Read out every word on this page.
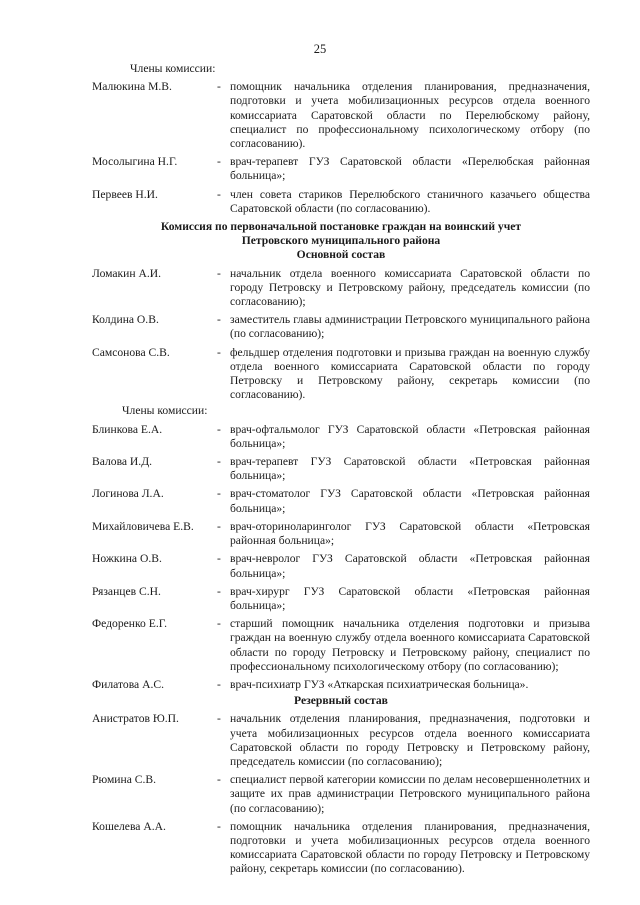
25
Члены комиссии:
Малюкина М.В.	- помощник начальника отделения планирования, предназначения, подготовки и учета мобилизационных ресурсов отдела военного комиссариата Саратовской области по Перелюбскому району, специалист по профессиональному психологическому отбору (по согласованию).
Мосолыгина Н.Г.	- врач-терапевт ГУЗ Саратовской области «Перелюбская районная больница»;
Первеев Н.И.	- член совета стариков Перелюбского станичного казачьего общества Саратовской области (по согласованию).
Комиссия по первоначальной постановке граждан на воинский учет
Петровского муниципального района
Основной состав
Ломакин А.И.	- начальник отдела военного комиссариата Саратовской области по городу Петровску и Петровскому району, председатель комиссии (по согласованию);
Колдина О.В.	- заместитель главы администрации Петровского муниципального района (по согласованию);
Самсонова С.В.	- фельдшер отделения подготовки и призыва граждан на военную службу отдела военного комиссариата Саратовской области по городу Петровску и Петровскому району, секретарь комиссии (по согласованию).
Члены комиссии:
Блинкова Е.А.	- врач-офтальмолог ГУЗ Саратовской области «Петровская районная больница»;
Валова И.Д.	- врач-терапевт ГУЗ Саратовской области «Петровская районная больница»;
Логинова Л.А.	- врач-стоматолог ГУЗ Саратовской области «Петровская районная больница»;
Михайловичева Е.В.	- врач-оториноларинголог ГУЗ Саратовской области «Петровская районная больница»;
Ножкина О.В.	- врач-невролог ГУЗ Саратовской области «Петровская районная больница»;
Рязанцев С.Н.	- врач-хирург ГУЗ Саратовской области «Петровская районная больница»;
Федоренко Е.Г.	- старший помощник начальника отделения подготовки и призыва граждан на военную службу отдела военного комиссариата Саратовской области по городу Петровску и Петровскому району, специалист по профессиональному психологическому отбору (по согласованию);
Филатова А.С.	- врач-психиатр ГУЗ «Аткарская психиатрическая больница».
Резервный состав
Анистратов Ю.П.	- начальник отделения планирования, предназначения, подготовки и учета мобилизационных ресурсов отдела военного комиссариата Саратовской области по городу Петровску и Петровскому району, председатель комиссии (по согласованию);
Рюмина С.В.	- специалист первой категории комиссии по делам несовершеннолетних и защите их прав администрации Петровского муниципального района (по согласованию);
Кошелева А.А.	- помощник начальника отделения планирования, предназначения, подготовки и учета мобилизационных ресурсов отдела военного комиссариата Саратовской области по городу Петровску и Петровскому району, секретарь комиссии (по согласованию).
